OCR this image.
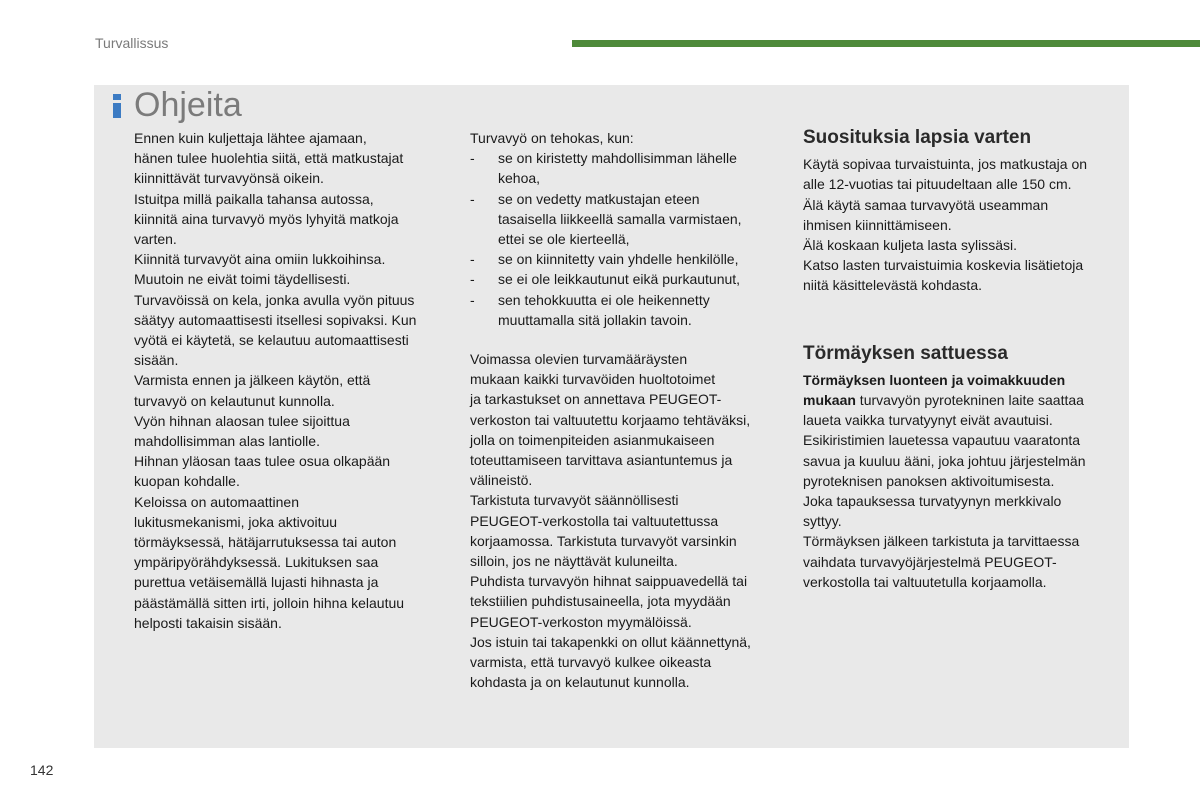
Turvallissus
Ohjeita

Ennen kuin kuljettaja lähtee ajamaan,

hänen tulee huolehtia siitä, että matkustajat

kiinnittävät turvavyönsä oikein.

Istuitpa millä paikalla tahansa autossa,

kiinnitä aina turvavyö myös lyhyitä matkoja

varten.

Kiinnitä turvavyöt aina omiin lukkoihinsa.

Muutoin ne eivät toimi täydellisesti.

Turvavöissä on kela, jonka avulla vyön pituus

säätyy automaattisesti itsellesi sopivaksi. Kun

vyötä ei käytetä, se kelautuu automaattisesti

sisään.

Varmista ennen ja jälkeen käytön, että

turvavyö on kelautunut kunnolla.

Vyön hihnan alaosan tulee sijoittua

mahdollisimman alas lantiolle.

Hihnan yläosan taas tulee osua olkapään

kuopan kohdalle.

Keloissa on automaattinen

lukitusmekanismi, joka aktivoituu

törmäyksessä, hätäjarrutuksessa tai auton

ympäripyörähdyksessä. Lukituksen saa

purettua vetäisemällä lujasti hihnasta ja

päästämällä sitten irti, jolloin hihna kelautuu

helposti takaisin sisään.

Turvavyö on tehokas, kun:

- se on kiristetty mahdollisimman lähelle
kehoa,
- se on vedetty matkustajan eteen
tasaisella liikkeellä samalla varmistaen,
ettei se ole kierteellä,
- se on kiinnitetty vain yhdelle henkilölle,
- se ei ole leikkautunut eikä purkautunut,
- sen tehokkuutta ei ole heikennetty
muuttamalla sitä jollakin tavoin.

Voimassa olevien turvamääräysten

mukaan kaikki turvavöiden huoltotoimet

ja tarkastukset on annettava PEUGEOT-

verkoston tai valtuutettu korjaamo tehtäväksi,

jolla on toimenpiteiden asianmukaiseen

toteuttamiseen tarvittava asiantuntemus ja

välineistö.

Tarkistuta turvavyöt säännöllisesti

PEUGEOT-verkostolla tai valtuutettussa

korjaamossa. Tarkistuta turvavyöt varsinkin

silloin, jos ne näyttävät kuluneilta.

Puhdista turvavyön hihnat saippuavedellä tai

tekstiilien puhdistusaineella, jota myydään

PEUGEOT-verkoston myymälöissä.

Jos istuin tai takapenkki on ollut käännettynä,

varmista, että turvavyö kulkee oikeasta

kohdasta ja on kelautunut kunnolla.

Suosituksia lapsia varten

Käytä sopivaa turvaistuinta, jos matkustaja on

alle 12-vuotias tai pituudeltaan alle 150 cm.

Älä käytä samaa turvavyötä useamman

ihmisen kiinnittämiseen.

Älä koskaan kuljeta lasta sylissäsi.

Katso lasten turvaistuimia koskevia lisätietoja

niitä käsittelevästä kohdasta.

Törmäyksen sattuessa

Törmäyksen luonteen ja voimakkuuden

mukaan turvavyön pyrotekninen laite saattaa

laueta vaikka turvatyynyt eivät avautuisi.

Esikiristimien lauetessa vapautuu vaaratonta

savua ja kuuluu ääni, joka johtuu järjestelmän

pyroteknisen panoksen aktivoitumisesta.

Joka tapauksessa turvatyynyn merkkivalo

syttyy.

Törmäyksen jälkeen tarkistuta ja tarvittaessa

vaihdata turvavyöjärjestelmä PEUGEOT-

verkostolla tai valtuutetulla korjaamolla.

142
